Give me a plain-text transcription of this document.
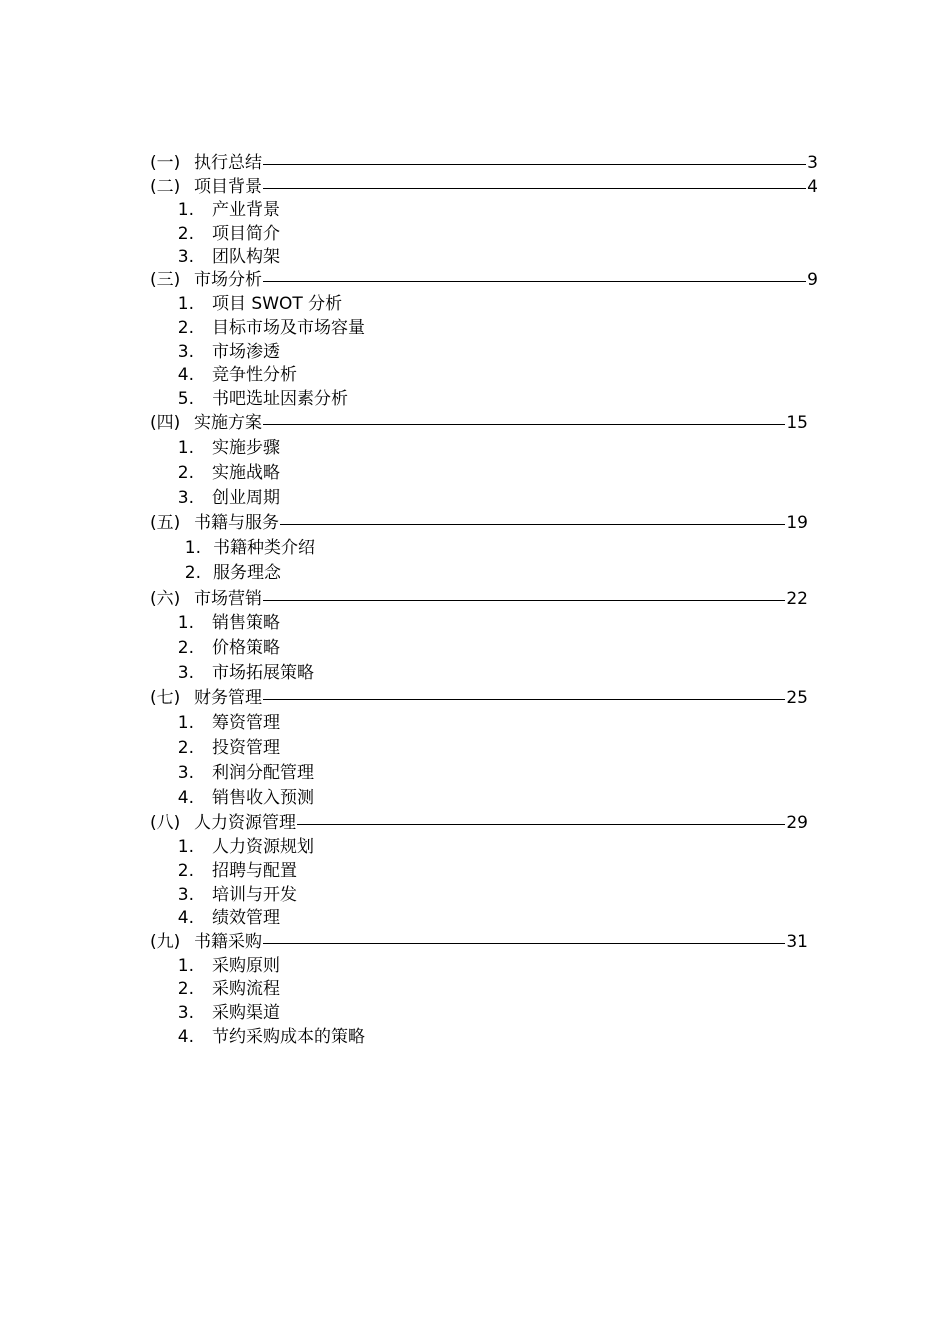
(一) 执行总结	3
(二) 项目背景	4
1. 产业背景
2. 项目简介
3. 团队构架
(三) 市场分析	9
1. 项目 SWOT 分析
2. 目标市场及市场容量
3. 市场渗透
4. 竞争性分析
5. 书吧选址因素分析
(四) 实施方案	15
1. 实施步骤
2. 实施战略
3. 创业周期
(五) 书籍与服务	19
1. 书籍种类介绍
2. 服务理念
(六) 市场营销	22
1. 销售策略
2. 价格策略
3. 市场拓展策略
(七) 财务管理	25
1. 筹资管理
2. 投资管理
3. 利润分配管理
4. 销售收入预测
(八) 人力资源管理	29
1. 人力资源规划
2. 招聘与配置
3. 培训与开发
4. 绩效管理
(九) 书籍采购	31
1. 采购原则
2. 采购流程
3. 采购渠道
4. 节约采购成本的策略
